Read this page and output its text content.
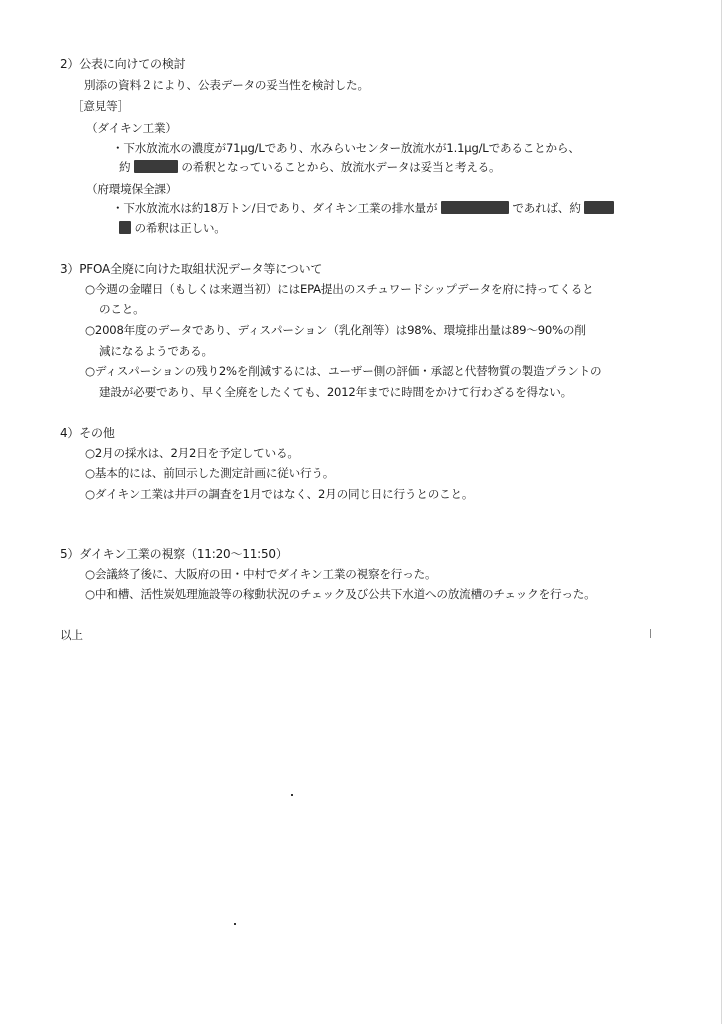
2）公表に向けての検討
別添の資料２により、公表データの妥当性を検討した。
［意見等］
（ダイキン工業）
・下水放流水の濃度が71μg/Lであり、水みらいセンター放流水が1.1μg/Lであることから、
約	の希釈となっていることから、放流水データは妥当と考える。
（府環境保全課）
・下水放流水は約18万トン/日であり、ダイキン工業の排水量が	であれば、約
の希釈は正しい。
3）PFOA全廃に向けた取組状況データ等について
○今週の金曜日（もしくは来週当初）にはEPA提出のスチュワードシップデータを府に持ってくると
のこと。
○2008年度のデータであり、ディスパーション（乳化剤等）は98%、環境排出量は89〜90%の削
減になるようである。
○ディスパーションの残り2%を削減するには、ユーザー側の評価・承認と代替物質の製造プラントの
建設が必要であり、早く全廃をしたくても、2012年までに時間をかけて行わざるを得ない。
4）その他
○2月の採水は、2月2日を予定している。
○基本的には、前回示した測定計画に従い行う。
○ダイキン工業は井戸の調査を1月ではなく、2月の同じ日に行うとのこと。
5）ダイキン工業の視察（11:20〜11:50）
○会議終了後に、大阪府の田・中村でダイキン工業の視察を行った。
○中和槽、活性炭処理施設等の稼動状況のチェック及び公共下水道への放流槽のチェックを行った。
以上
